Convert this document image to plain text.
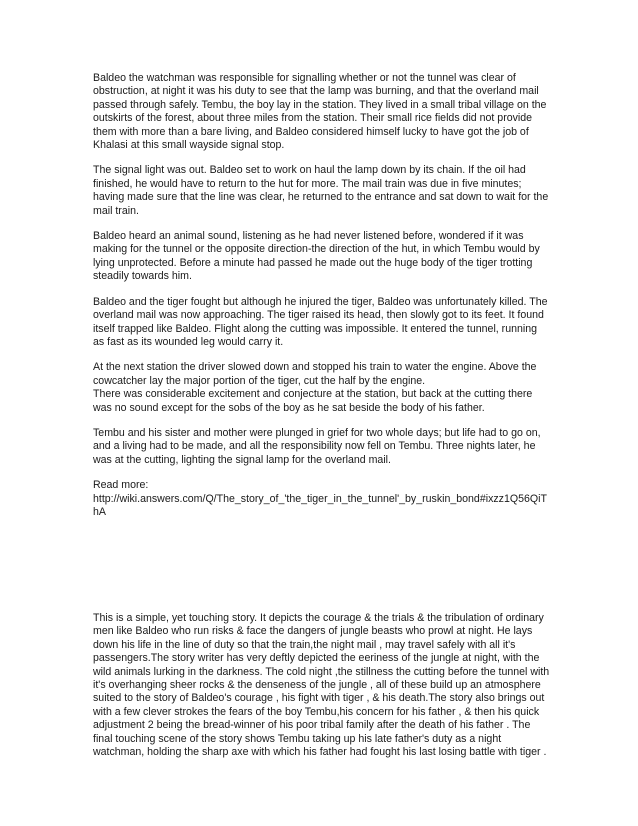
Baldeo the watchman was responsible for signalling whether or not the tunnel was clear of
obstruction, at night it was his duty to see that the lamp was burning, and that the overland mail
passed through safely. Tembu, the boy lay in the station. They lived in a small tribal village on the
outskirts of the forest, about three miles from the station. Their small rice fields did not provide
them with more than a bare living, and Baldeo considered himself lucky to have got the job of
Khalasi at this small wayside signal stop.
The signal light was out. Baldeo set to work on haul the lamp down by its chain. If the oil had
finished, he would have to return to the hut for more. The mail train was due in five minutes;
having made sure that the line was clear, he returned to the entrance and sat down to wait for the
mail train.
Baldeo heard an animal sound, listening as he had never listened before, wondered if it was
making for the tunnel or the opposite direction-the direction of the hut, in which Tembu would by
lying unprotected. Before a minute had passed he made out the huge body of the tiger trotting
steadily towards him.
Baldeo and the tiger fought but although he injured the tiger, Baldeo was unfortunately killed. The
overland mail was now approaching. The tiger raised its head, then slowly got to its feet. It found
itself trapped like Baldeo. Flight along the cutting was impossible. It entered the tunnel, running
as fast as its wounded leg would carry it.
At the next station the driver slowed down and stopped his train to water the engine. Above the
cowcatcher lay the major portion of the tiger, cut the half by the engine.
There was considerable excitement and conjecture at the station, but back at the cutting there
was no sound except for the sobs of the boy as he sat beside the body of his father.
Tembu and his sister and mother were plunged in grief for two whole days; but life had to go on,
and a living had to be made, and all the responsibility now fell on Tembu. Three nights later, he
was at the cutting, lighting the signal lamp for the overland mail.
Read more:
http://wiki.answers.com/Q/The_story_of_'the_tiger_in_the_tunnel'_by_ruskin_bond#ixzz1Q56QiT
hA
This is a simple, yet touching story. It depicts the courage & the trials & the tribulation of ordinary
men like Baldeo who run risks & face the dangers of jungle beasts who prowl at night. He lays
down his life in the line of duty so that the train,the night mail , may travel safely with all it's
passengers.The story writer has very deftly depicted the eeriness of the jungle at night, with the
wild animals lurking in the darkness. The cold night ,the stillness the cutting before the tunnel with
it's overhanging sheer rocks & the denseness of the jungle , all of these build up an atmosphere
suited to the story of Baldeo's courage , his fight with tiger , & his death.The story also brings out
with a few clever strokes the fears of the boy Tembu,his concern for his father , & then his quick
adjustment 2 being the bread-winner of his poor tribal family after the death of his father . The
final touching scene of the story shows Tembu taking up his late father's duty as a night
watchman, holding the sharp axe with which his father had fought his last losing battle with tiger .
